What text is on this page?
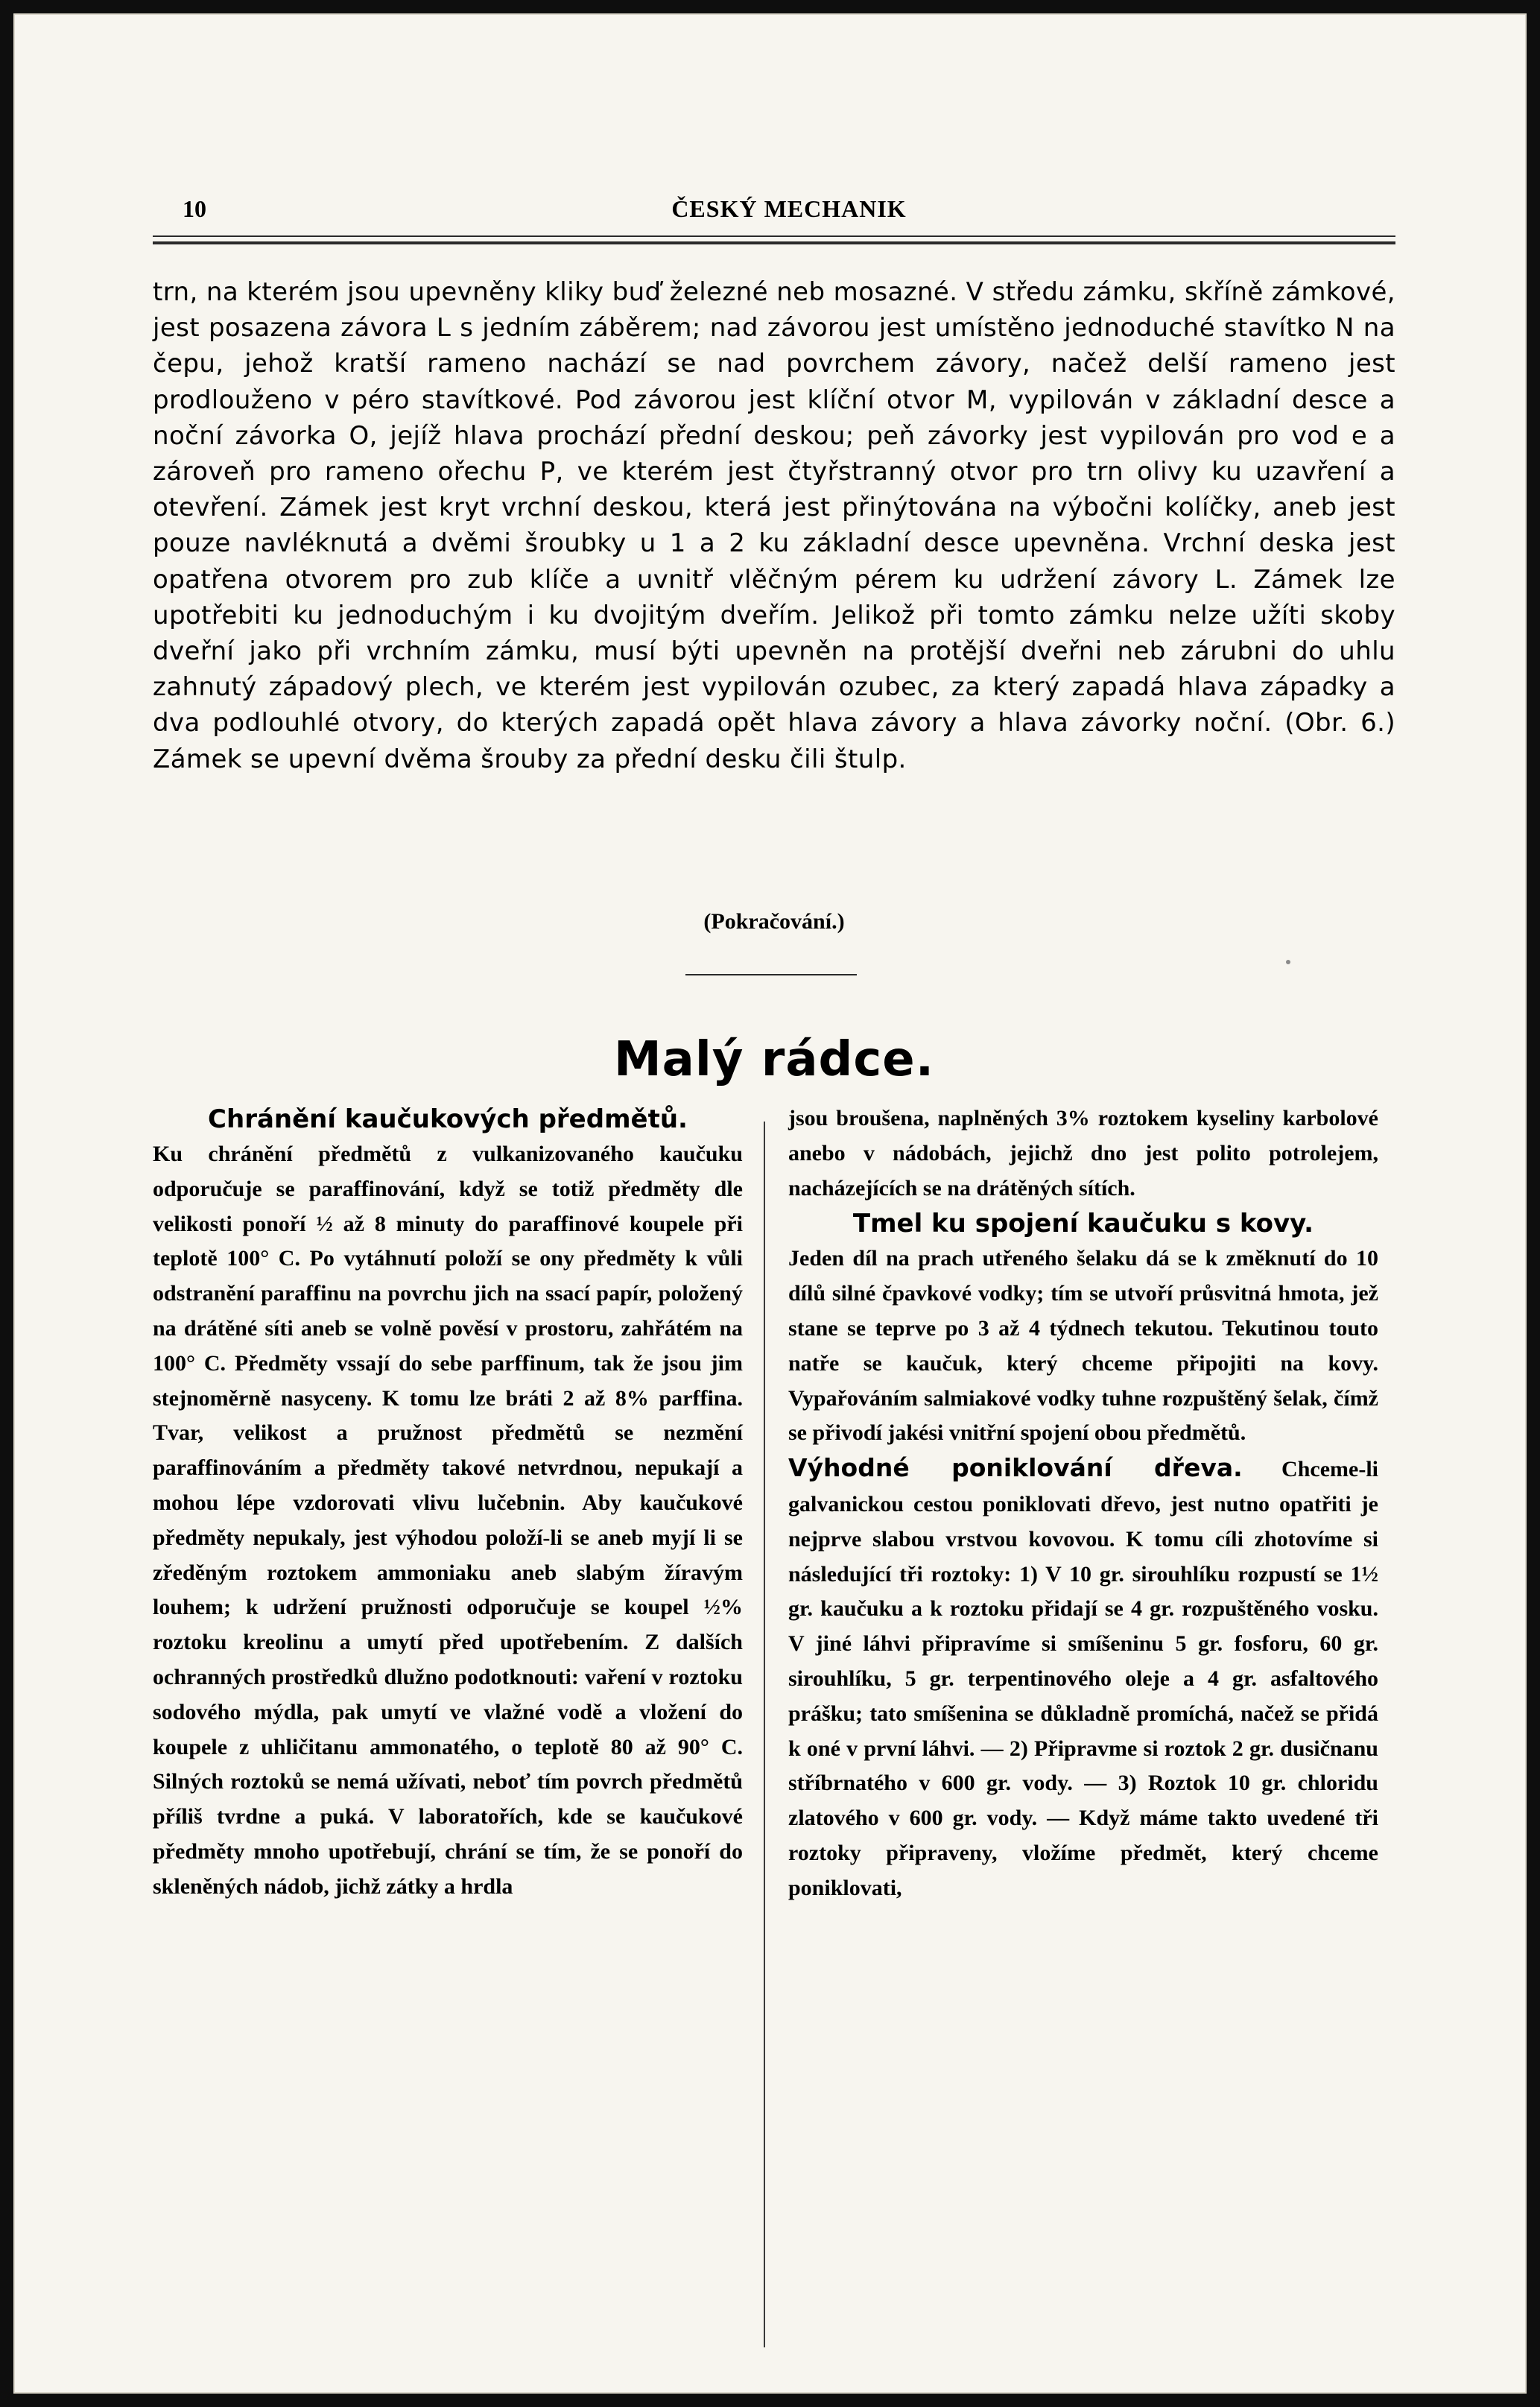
10	ČESKÝ MECHANIK

trn, na kterém jsou upevněny kliky buď železné neb mosazné. V středu zámku, skříně zámkové, jest posazena závora L s jedním záběrem; nad závorou jest umístěno jednoduché stavítko N na čepu, jehož kratší rameno nachází se nad povrchem závory, načež delší rameno jest prodlouženo v péro stavítkové. Pod závorou jest klíční otvor M, vypilován v základní desce a noční závorka O, jejíž hlava prochází přední deskou; peň závorky jest vypilován pro vod e a zároveň pro rameno ořechu P, ve kterém jest čtyřstranný otvor pro trn olivy ku uzavření a otevření. Zámek jest kryt vrchní deskou, která jest přinýtována na výbočni kolíčky, aneb jest pouze navléknutá a dvěmi šroubky u 1 a 2 ku základní desce upevněna. Vrchní deska jest opatřena otvorem pro zub klíče a uvnitř vlěčným pérem ku udržení závory L. Zámek lze upotřebiti ku jednoduchým i ku dvojitým dveřím. Jelikož při tomto zámku nelze užíti skoby dveřní jako při vrchním zámku, musí býti upevněn na protější dveřni neb zárubni do uhlu zahnutý západový plech, ve kterém jest vypilován ozubec, za který zapadá hlava západky a dva podlouhlé otvory, do kterých zapadá opět hlava závory a hlava závorky noční. (Obr. 6.) Zámek se upevní dvěma šrouby za přední desku čili štulp.

(Pokračování.)
Malý rádce.
Chránění kaučukových předmětů.

Ku chránění předmětů z vulkanizovaného kaučuku odporučuje se paraffinování, když se totiž předměty dle velikosti ponoří ½ až 8 minuty do paraffinové koupele při teplotě 100° C. Po vytáhnutí položí se ony předměty k vůli odstranění paraffinu na povrchu jich na ssací papír, položený na drátěné síti aneb se volně pověsí v prostoru, zahřátém na 100° C. Předměty vssají do sebe parffinum, tak že jsou jim stejnoměrně nasyceny. K tomu lze bráti 2 až 8% parffina. Tvar, velikost a pružnost předmětů se nezmění paraffinováním a předměty takové netvrdnou, nepukají a mohou lépe vzdorovati vlivu lučebnin. Aby kaučukové předměty nepukaly, jest výhodou položí-li se aneb myjí li se zředěným roztokem ammoniaku aneb slabým žíravým louhem; k udržení pružnosti odporučuje se koupel ½% roztoku kreolinu a umytí před upotřebením. Z dalších ochranných prostředků dlužno podotknouti: vaření v roztoku sodového mýdla, pak umytí ve vlažné vodě a vložení do koupele z uhličitanu ammonatého, o teplotě 80 až 90° C. Silných roztoků se nemá užívati, neboť tím povrch předmětů příliš tvrdne a puká. V laboratořích, kde se kaučukové předměty mnoho upotřebují, chrání se tím, že se ponoří do skleněných nádob, jichž zátky a hrdla

jsou broušena, naplněných 3% roztokem kyseliny karbolové anebo v nádobách, jejichž dno jest polito potrolejem, nacházejících se na drátěných sítích.

Tmel ku spojení kaučuku s kovy.

Jeden díl na prach utřeného šelaku dá se k změknutí do 10 dílů silné čpavkové vodky; tím se utvoří průsvitná hmota, jež stane se teprve po 3 až 4 týdnech tekutou. Tekutinou touto natře se kaučuk, který chceme připojiti na kovy. Vypařováním salmiakové vodky tuhne rozpuštěný šelak, čímž se přivodí jakési vnitřní spojení obou předmětů.

Výhodné poniklování dřeva. Chceme-li galvanickou cestou poniklovati dřevo, jest nutno opatřiti je nejprve slabou vrstvou kovovou. K tomu cíli zhotovíme si následující tři roztoky: 1) V 10 gr. sirouhlíku rozpustí se 1½ gr. kaučuku a k roztoku přidají se 4 gr. rozpuštěného vosku. V jiné láhvi připravíme si smíšeninu 5 gr. fosforu, 60 gr. sirouhlíku, 5 gr. terpentinového oleje a 4 gr. asfaltového prášku; tato smíšenina se důkladně promíchá, načež se přidá k oné v první láhvi. — 2) Připravme si roztok 2 gr. dusičnanu stříbrnatého v 600 gr. vody. — 3) Roztok 10 gr. chloridu zlatového v 600 gr. vody. — Když máme takto uvedené tři roztoky připraveny, vložíme předmět, který chceme poniklovati,
